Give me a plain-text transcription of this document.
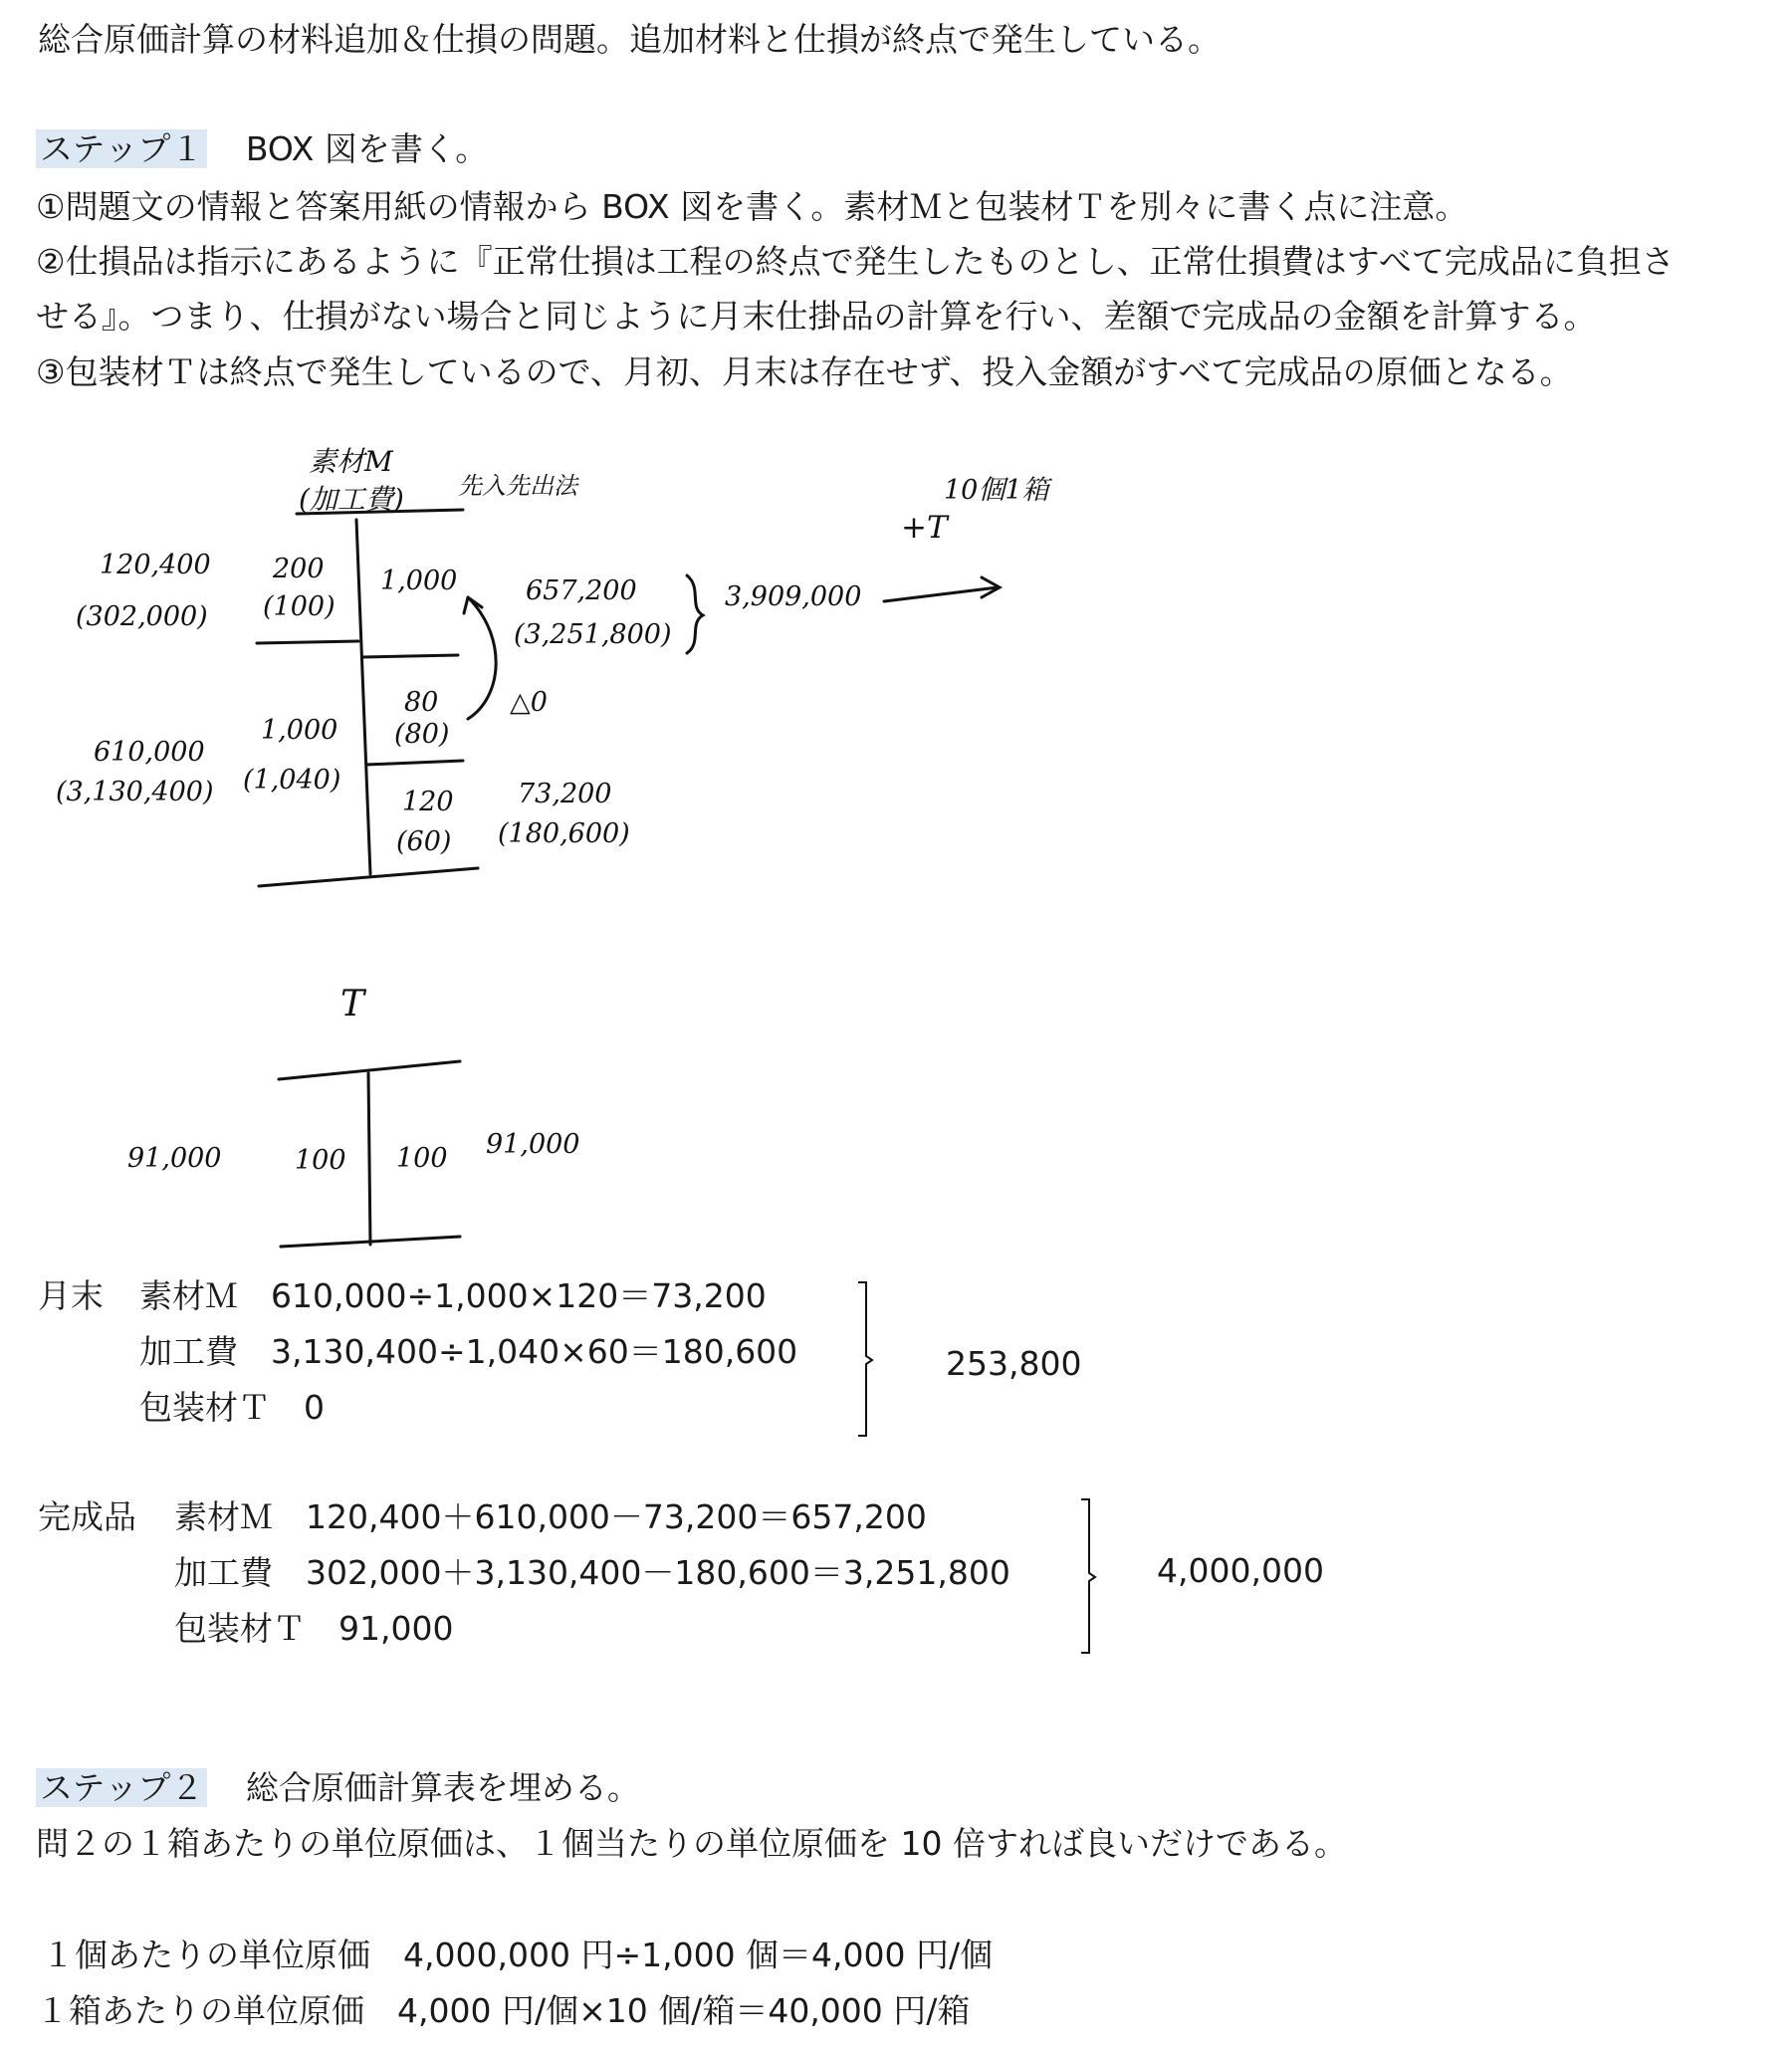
総合原価計算の材料追加＆仕損の問題。追加材料と仕損が終点で発生している。
ステップ１ BOX 図を書く。
①問題文の情報と答案用紙の情報から BOX 図を書く。素材Ｍと包装材Ｔを別々に書く点に注意。
②仕損品は指示にあるように『正常仕損は工程の終点で発生したものとし、正常仕損費はすべて完成品に負担さ
せる』。つまり、仕損がない場合と同じように月末仕掛品の計算を行い、差額で完成品の金額を計算する。
③包装材Ｔは終点で発生しているので、月初、月末は存在せず、投入金額がすべて完成品の原価となる。
素材M
(加工費) 先入先出法	10個1箱
+T
120,400
(302,000)
200
(100)
1,000	657,200
(3,251,800)
3,909,000
80
(80)
△0
610,000
(3,130,400)
1,000
(1,040)
120
(60)
73,200
(180,600)
T
91,000	100 100 91,000
月末 素材Ｍ　610,000÷1,000×120＝73,200
加工費　3,130,400÷1,040×60＝180,600
包装材Ｔ　0
253,800
完成品 素材Ｍ　120,400＋610,000－73,200＝657,200
加工費　302,000＋3,130,400－180,600＝3,251,800
包装材Ｔ　91,000
4,000,000
ステップ２ 総合原価計算表を埋める。
問２の１箱あたりの単位原価は、１個当たりの単位原価を 10 倍すれば良いだけである。
１個あたりの単位原価　4,000,000 円÷1,000 個＝4,000 円/個
１箱あたりの単位原価　4,000 円/個×10 個/箱＝40,000 円/箱
